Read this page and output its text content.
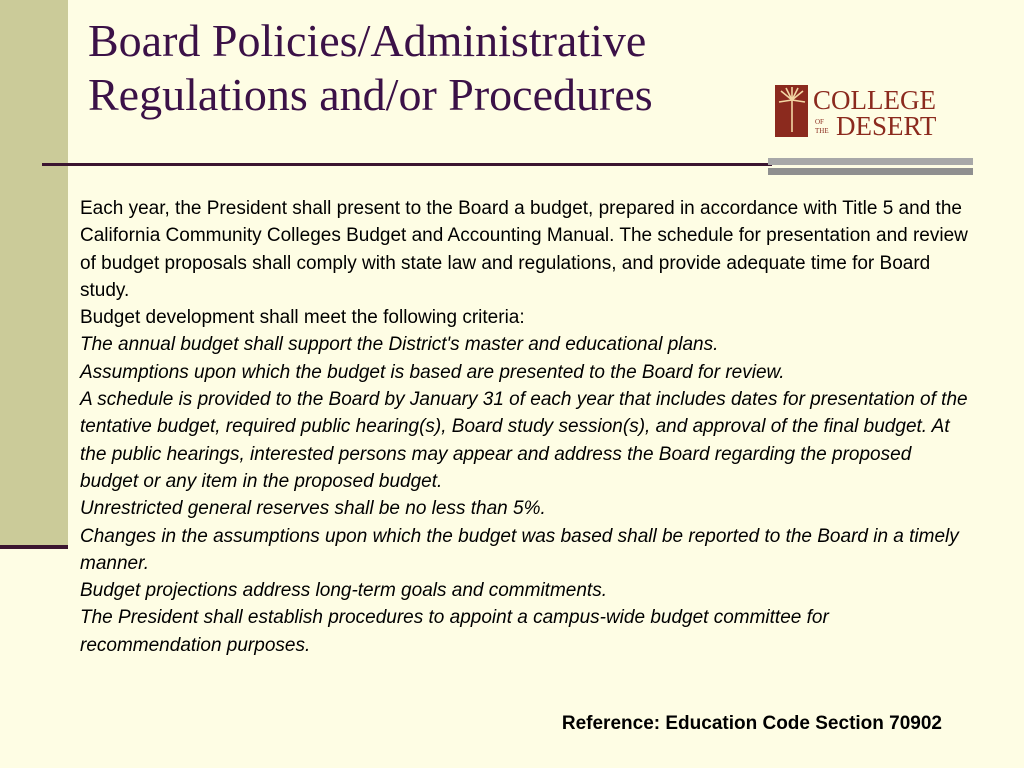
Board Policies/Administrative
Regulations and/or Procedures	COLLEGE
OF
THE DESERT

Each year, the President shall present to the Board a budget, prepared in accordance with Title 5 and the California Community Colleges Budget and Accounting Manual. The schedule for presentation and review of budget proposals shall comply with state law and regulations, and provide adequate time for Board study.

Budget development shall meet the following criteria:

The annual budget shall support the District's master and educational plans.

Assumptions upon which the budget is based are presented to the Board for review.

A schedule is provided to the Board by January 31 of each year that includes dates for presentation of the tentative budget, required public hearing(s), Board study session(s), and approval of the final budget. At the public hearings, interested persons may appear and address the Board regarding the proposed budget or any item in the proposed budget.

Unrestricted general reserves shall be no less than 5%.

Changes in the assumptions upon which the budget was based shall be reported to the Board in a timely manner.

Budget projections address long-term goals and commitments.

The President shall establish procedures to appoint a campus-wide budget committee for recommendation purposes.

Reference: Education Code Section 70902
